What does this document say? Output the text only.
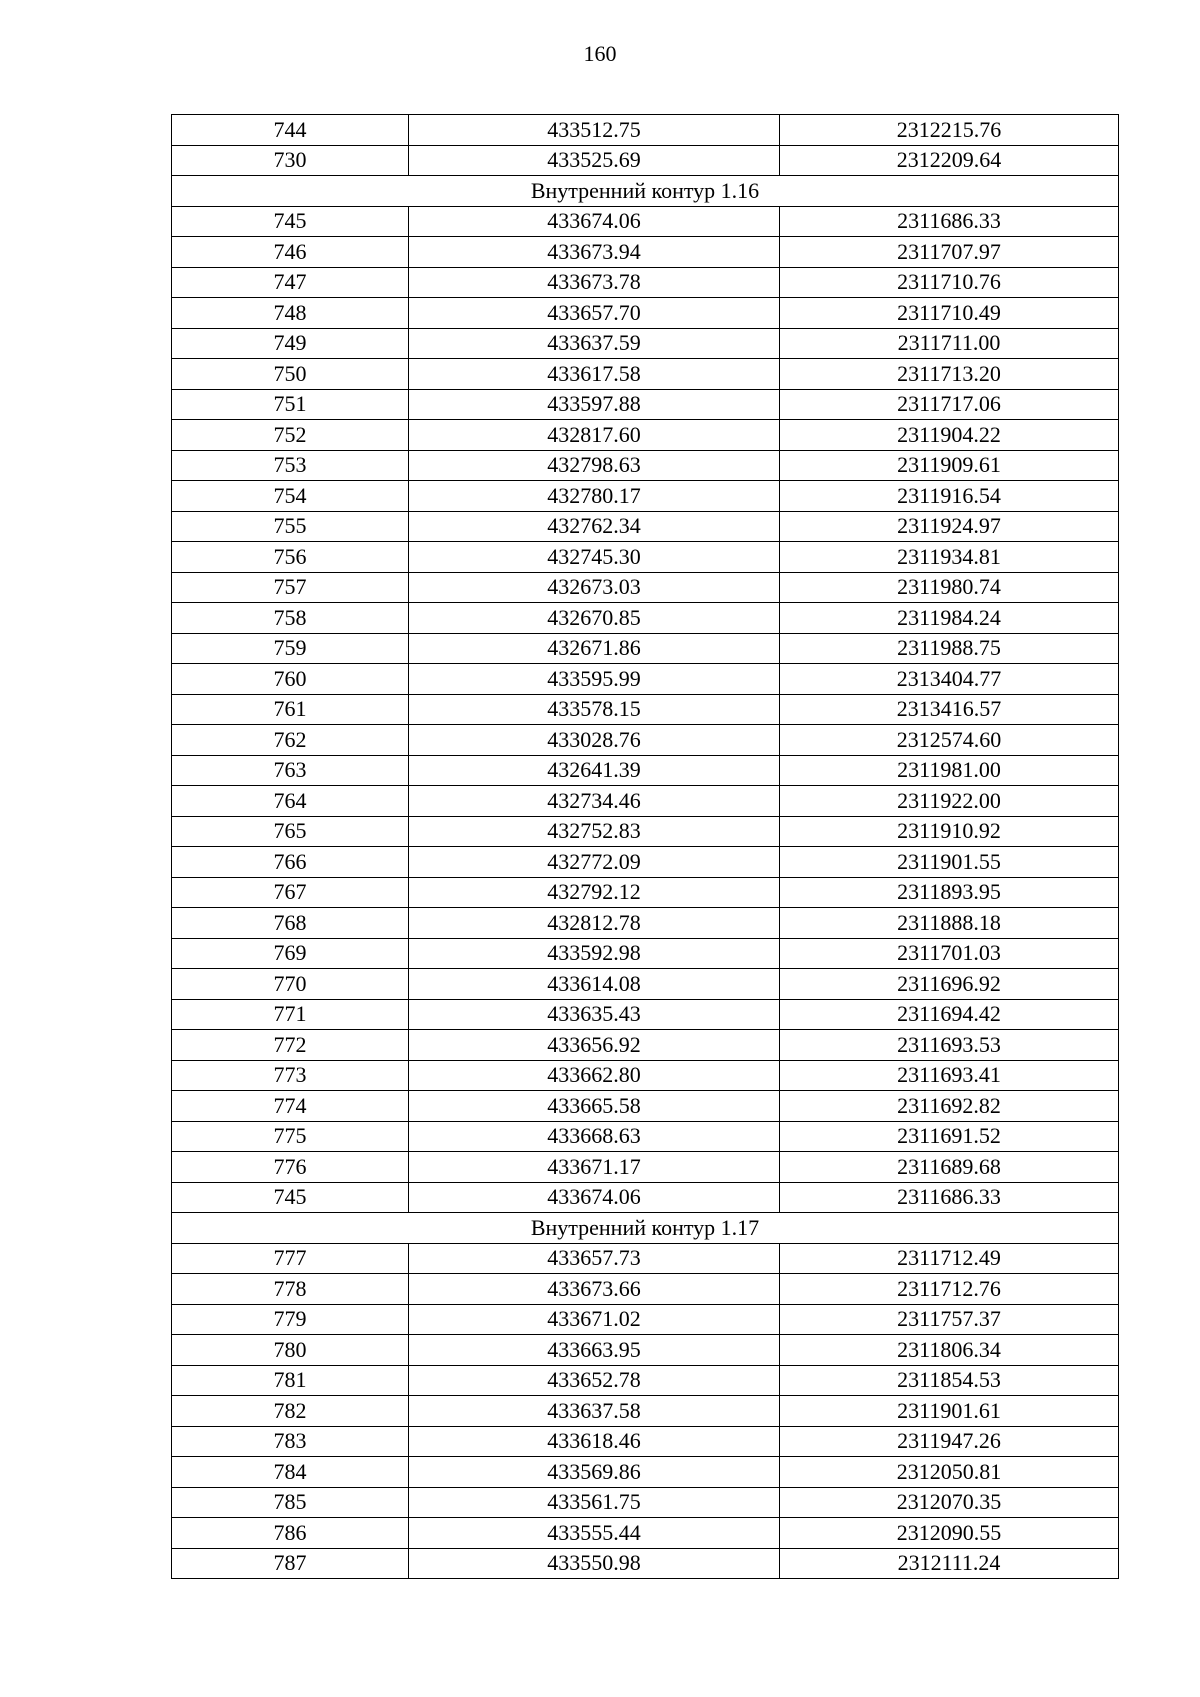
160
744	433512.75	2312215.76
730	433525.69	2312209.64
Внутренний контур 1.16		
745	433674.06	2311686.33
746	433673.94	2311707.97
747	433673.78	2311710.76
748	433657.70	2311710.49
749	433637.59	2311711.00
750	433617.58	2311713.20
751	433597.88	2311717.06
752	432817.60	2311904.22
753	432798.63	2311909.61
754	432780.17	2311916.54
755	432762.34	2311924.97
756	432745.30	2311934.81
757	432673.03	2311980.74
758	432670.85	2311984.24
759	432671.86	2311988.75
760	433595.99	2313404.77
761	433578.15	2313416.57
762	433028.76	2312574.60
763	432641.39	2311981.00
764	432734.46	2311922.00
765	432752.83	2311910.92
766	432772.09	2311901.55
767	432792.12	2311893.95
768	432812.78	2311888.18
769	433592.98	2311701.03
770	433614.08	2311696.92
771	433635.43	2311694.42
772	433656.92	2311693.53
773	433662.80	2311693.41
774	433665.58	2311692.82
775	433668.63	2311691.52
776	433671.17	2311689.68
745	433674.06	2311686.33
Внутренний контур 1.17		
777	433657.73	2311712.49
778	433673.66	2311712.76
779	433671.02	2311757.37
780	433663.95	2311806.34
781	433652.78	2311854.53
782	433637.58	2311901.61
783	433618.46	2311947.26
784	433569.86	2312050.81
785	433561.75	2312070.35
786	433555.44	2312090.55
787	433550.98	2312111.24
